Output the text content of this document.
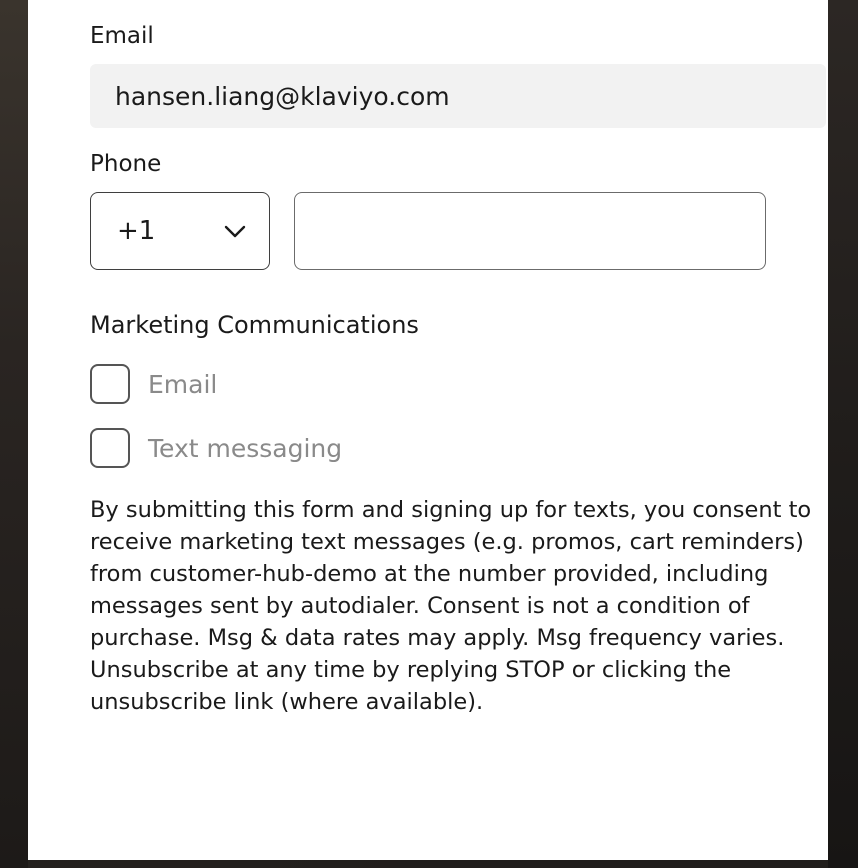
Email
hansen.liang@klaviyo.com
Phone
+1
Marketing Communications
Email
Text messaging
By submitting this form and signing up for texts, you consent to receive marketing text messages (e.g. promos, cart reminders) from customer-hub-demo at the number provided, including messages sent by autodialer. Consent is not a condition of purchase. Msg & data rates may apply. Msg frequency varies. Unsubscribe at any time by replying STOP or clicking the unsubscribe link (where available).
